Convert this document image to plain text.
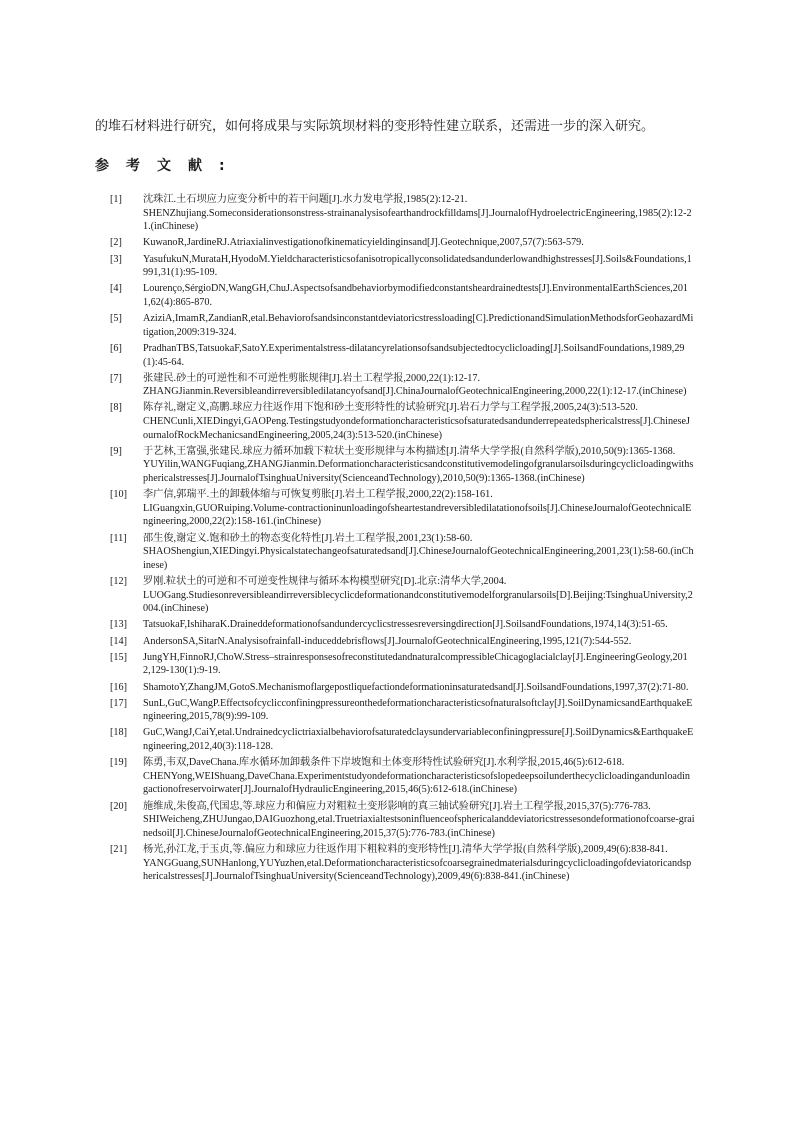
的堆石材料进行研究，如何将成果与实际筑坝材料的变形特性建立联系，还需进一步的深入研究。

参考文献:
[1] 沈珠江.土石坝应力应变分析中的若干问题[J].水力发电学报,1985(2):12-21.
SHENZhujiang.Someconsiderationsonstress-strainanalysisofearthandrockfilldams[J].JournalofHydroelectricEngineering,1985(2):12-21.(inChinese)
[2] KuwanoR,JardineRJ.Atriaxialinvestigationofkinematicyieldinginsand[J].Geotechnique,2007,57(7):563-579.
[3] YasufukuN,MurataH,HyodoM.Yieldcharacteristicsofanisotropicallyconsolidatedsandunderlowandhighstresses[J].Soils&Foundations,1991,31(1):95-109.
[4] Lourenço,SérgioDN,WangGH,ChuJ.Aspectsofsandbehaviorbymodifiedconstantsheardrainedtests[J].EnvironmentalEarthSciences,2011,62(4):865-870.
[5] AziziA,ImamR,ZandianR,etal.Behaviorofsandsinconstantdeviatoricstressloading[C].PredictionandSimulationMethodsforGeohazardMitigation,2009:319-324.
[6] PradhanTBS,TatsuokaF,SatoY.Experimentalstress-dilatancyrelationsofsandsubjectedtocyclicloading[J].SoilsandFoundations,1989,29(1):45-64.
[7] 张建民.砂土的可逆性和不可逆性剪胀规律[J].岩土工程学报,2000,22(1):12-17.
ZHANGJianmin.Reversibleandirreversibledilatancyofsand[J].ChinaJournalofGeotechnicalEngineering,2000,22(1):12-17.(inChinese)
[8] 陈存礼,谢定义,高鹏.球应力往返作用下饱和砂土变形特性的试验研究[J].岩石力学与工程学报,2005,24(3):513-520.
CHENCunli,XIEDingyi,GAOPeng.Testingstudyondeformationcharacteristicsofsaturatedsandunderrepeatedsphericalstress[J].ChineseJournalofRockMechanicsandEngineering,2005,24(3):513-520.(inChinese)
[9] 于艺林,王富强,张建民.球应力循环加载下粒状土变形规律与本构描述[J].清华大学学报(自然科学版),2010,50(9):1365-1368.
YUYilin,WANGFuqiang,ZHANGJianmin.Deformationcharacteristicsandconstitutivemodelingofgranularsoilsduringcyclicloadingwithsphericalstresses[J].JournalofTsinghuaUniversity(ScienceandTechnology),2010,50(9):1365-1368.(inChinese)
[10] 李广信,郭瑞平.土的卸载体缩与可恢复剪胀[J].岩土工程学报,2000,22(2):158-161.
LIGuangxin,GUORuiping.Volume-contractioninunloadingofsheartestandreversibledilatationofsoils[J].ChineseJournalofGeotechnicalEngineering,2000,22(2):158-161.(inChinese)
[11] 邵生俊,谢定义.饱和砂土的物态变化特性[J].岩土工程学报,2001,23(1):58-60.
SHAOShengiun,XIEDingyi.Physicalstatechangeofsaturatedsand[J].ChineseJournalofGeotechnicalEngineering,2001,23(1):58-60.(inChinese)
[12] 罗刚.粒状土的可逆和不可逆变性规律与循环本构模型研究[D].北京:清华大学,2004.
LUOGang.Studiesonreversibleandirreversiblecyclicdeformationandconstitutivemodelforgranularsoils[D].Beijing:TsinghuaUniversity,2004.(inChinese)
[13] TatsuokaF,IshiharaK.Draineddeformationofsandundercyclicstressesreversingdirection[J].SoilsandFoundations,1974,14(3):51-65.
[14] AndersonSA,SitarN.Analysisofrainfall-induceddebrisflows[J].JournalofGeotechnicalEngineering,1995,121(7):544-552.
[15] JungYH,FinnoRJ,ChoW.Stress–strainresponsesofreconstitutedandnaturalcompressibleChicagoglacialclay[J].EngineeringGeology,2012,129-130(1):9-19.
[16] ShamotoY,ZhangJM,GotoS.Mechanismoflargepostliquefactiondeformationinsaturatedsand[J].SoilsandFoundations,1997,37(2):71-80.
[17] SunL,GuC,WangP.Effectsofcyclicconfiningpressureonthedeformationcharacteristicsofnaturalsoftclay[J].SoilDynamicsandEarthquakeEngineering,2015,78(9):99-109.
[18] GuC,WangJ,CaiY,etal.Undrainedcyclictriaxialbehaviorofsaturatedclaysundervariableconfiningpressure[J].SoilDynamics&EarthquakeEngineering,2012,40(3):118-128.
[19] 陈勇,韦双,DaveChana.库水循环加卸载条件下岸坡饱和土体变形特性试验研究[J].水利学报,2015,46(5):612-618.
CHENYong,WEIShuang,DaveChana.Experimentstudyondeformationcharacteristicsofslopedeepsoilunderthecyclicloadingandunloadingactionofreservoirwater[J].JournalofHydraulicEngineering,2015,46(5):612-618.(inChinese)
[20] 施维成,朱俊高,代国忠,等.球应力和偏应力对粗粒土变形影响的真三轴试验研究[J].岩土工程学报,2015,37(5):776-783.
SHIWeicheng,ZHUJungao,DAIGuozhong,etal.Truetriaxialtestsoninfluenceofsphericalanddeviatoricstressesondeformationofcoarse-grainedsoil[J].ChineseJournalofGeotechnicalEngineering,2015,37(5):776-783.(inChinese)
[21] 杨光,孙江龙,于玉贞,等.偏应力和球应力往返作用下粗粒料的变形特性[J].清华大学学报(自然科学版),2009,49(6):838-841.
YANGGuang,SUNHanlong,YUYuzhen,etal.Deformationcharacteristicsofcoarsegrainedmaterialsduringcyclicloadingofdeviatoricandsphericalstresses[J].JournalofTsinghuaUniversity(ScienceandTechnology),2009,49(6):838-841.(inChinese)
